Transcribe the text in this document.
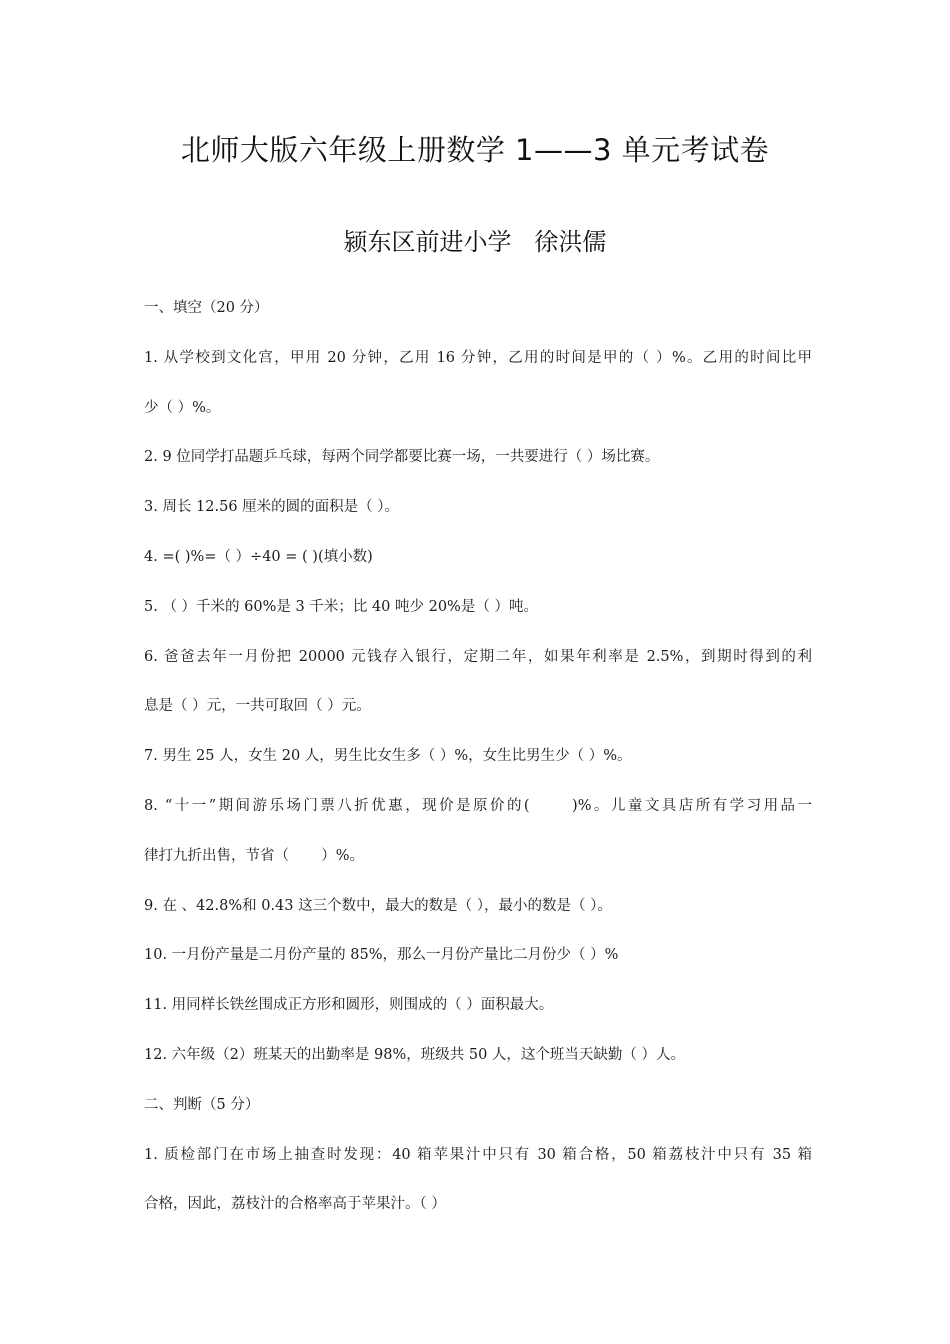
北师大版六年级上册数学 1——3 单元考试卷
颍东区前进小学   徐洪儒
一、填空（20 分）
1. 从学校到文化宫，甲用 20 分钟，乙用 16 分钟，乙用的时间是甲的（ ）%。乙用的时间比甲
少（ ）%。
2. 9 位同学打品题乒乓球，每两个同学都要比赛一场，一共要进行（ ）场比赛。
3. 周长 12.56 厘米的圆的面积是（ ）。
4. =( )%=（ ）÷40 = ( )(填小数)
5. （ ）千米的 60%是 3 千米；比 40 吨少 20%是（ ）吨。
6. 爸爸去年一月份把 20000 元钱存入银行，定期二年，如果年利率是 2.5%，到期时得到的利
息是（ ）元，一共可取回（ ）元。
7. 男生 25 人，女生 20 人，男生比女生多（ ）%，女生比男生少（ ）%。
8. “十一”期间游乐场门票八折优惠，现价是原价的(      )%。儿童文具店所有学习用品一
律打九折出售，节省（       ）%。
9. 在 、42.8%和 0.43 这三个数中，最大的数是（ ），最小的数是（ ）。
10. 一月份产量是二月份产量的 85%，那么一月份产量比二月份少（ ）%
11. 用同样长铁丝围成正方形和圆形，则围成的（ ）面积最大。
12. 六年级（2）班某天的出勤率是 98%，班级共 50 人，这个班当天缺勤（ ）人。
二、判断（5 分）
1. 质检部门在市场上抽查时发现：40 箱苹果汁中只有 30 箱合格，50 箱荔枝汁中只有 35 箱
合格，因此，荔枝汁的合格率高于苹果汁。（ ）
